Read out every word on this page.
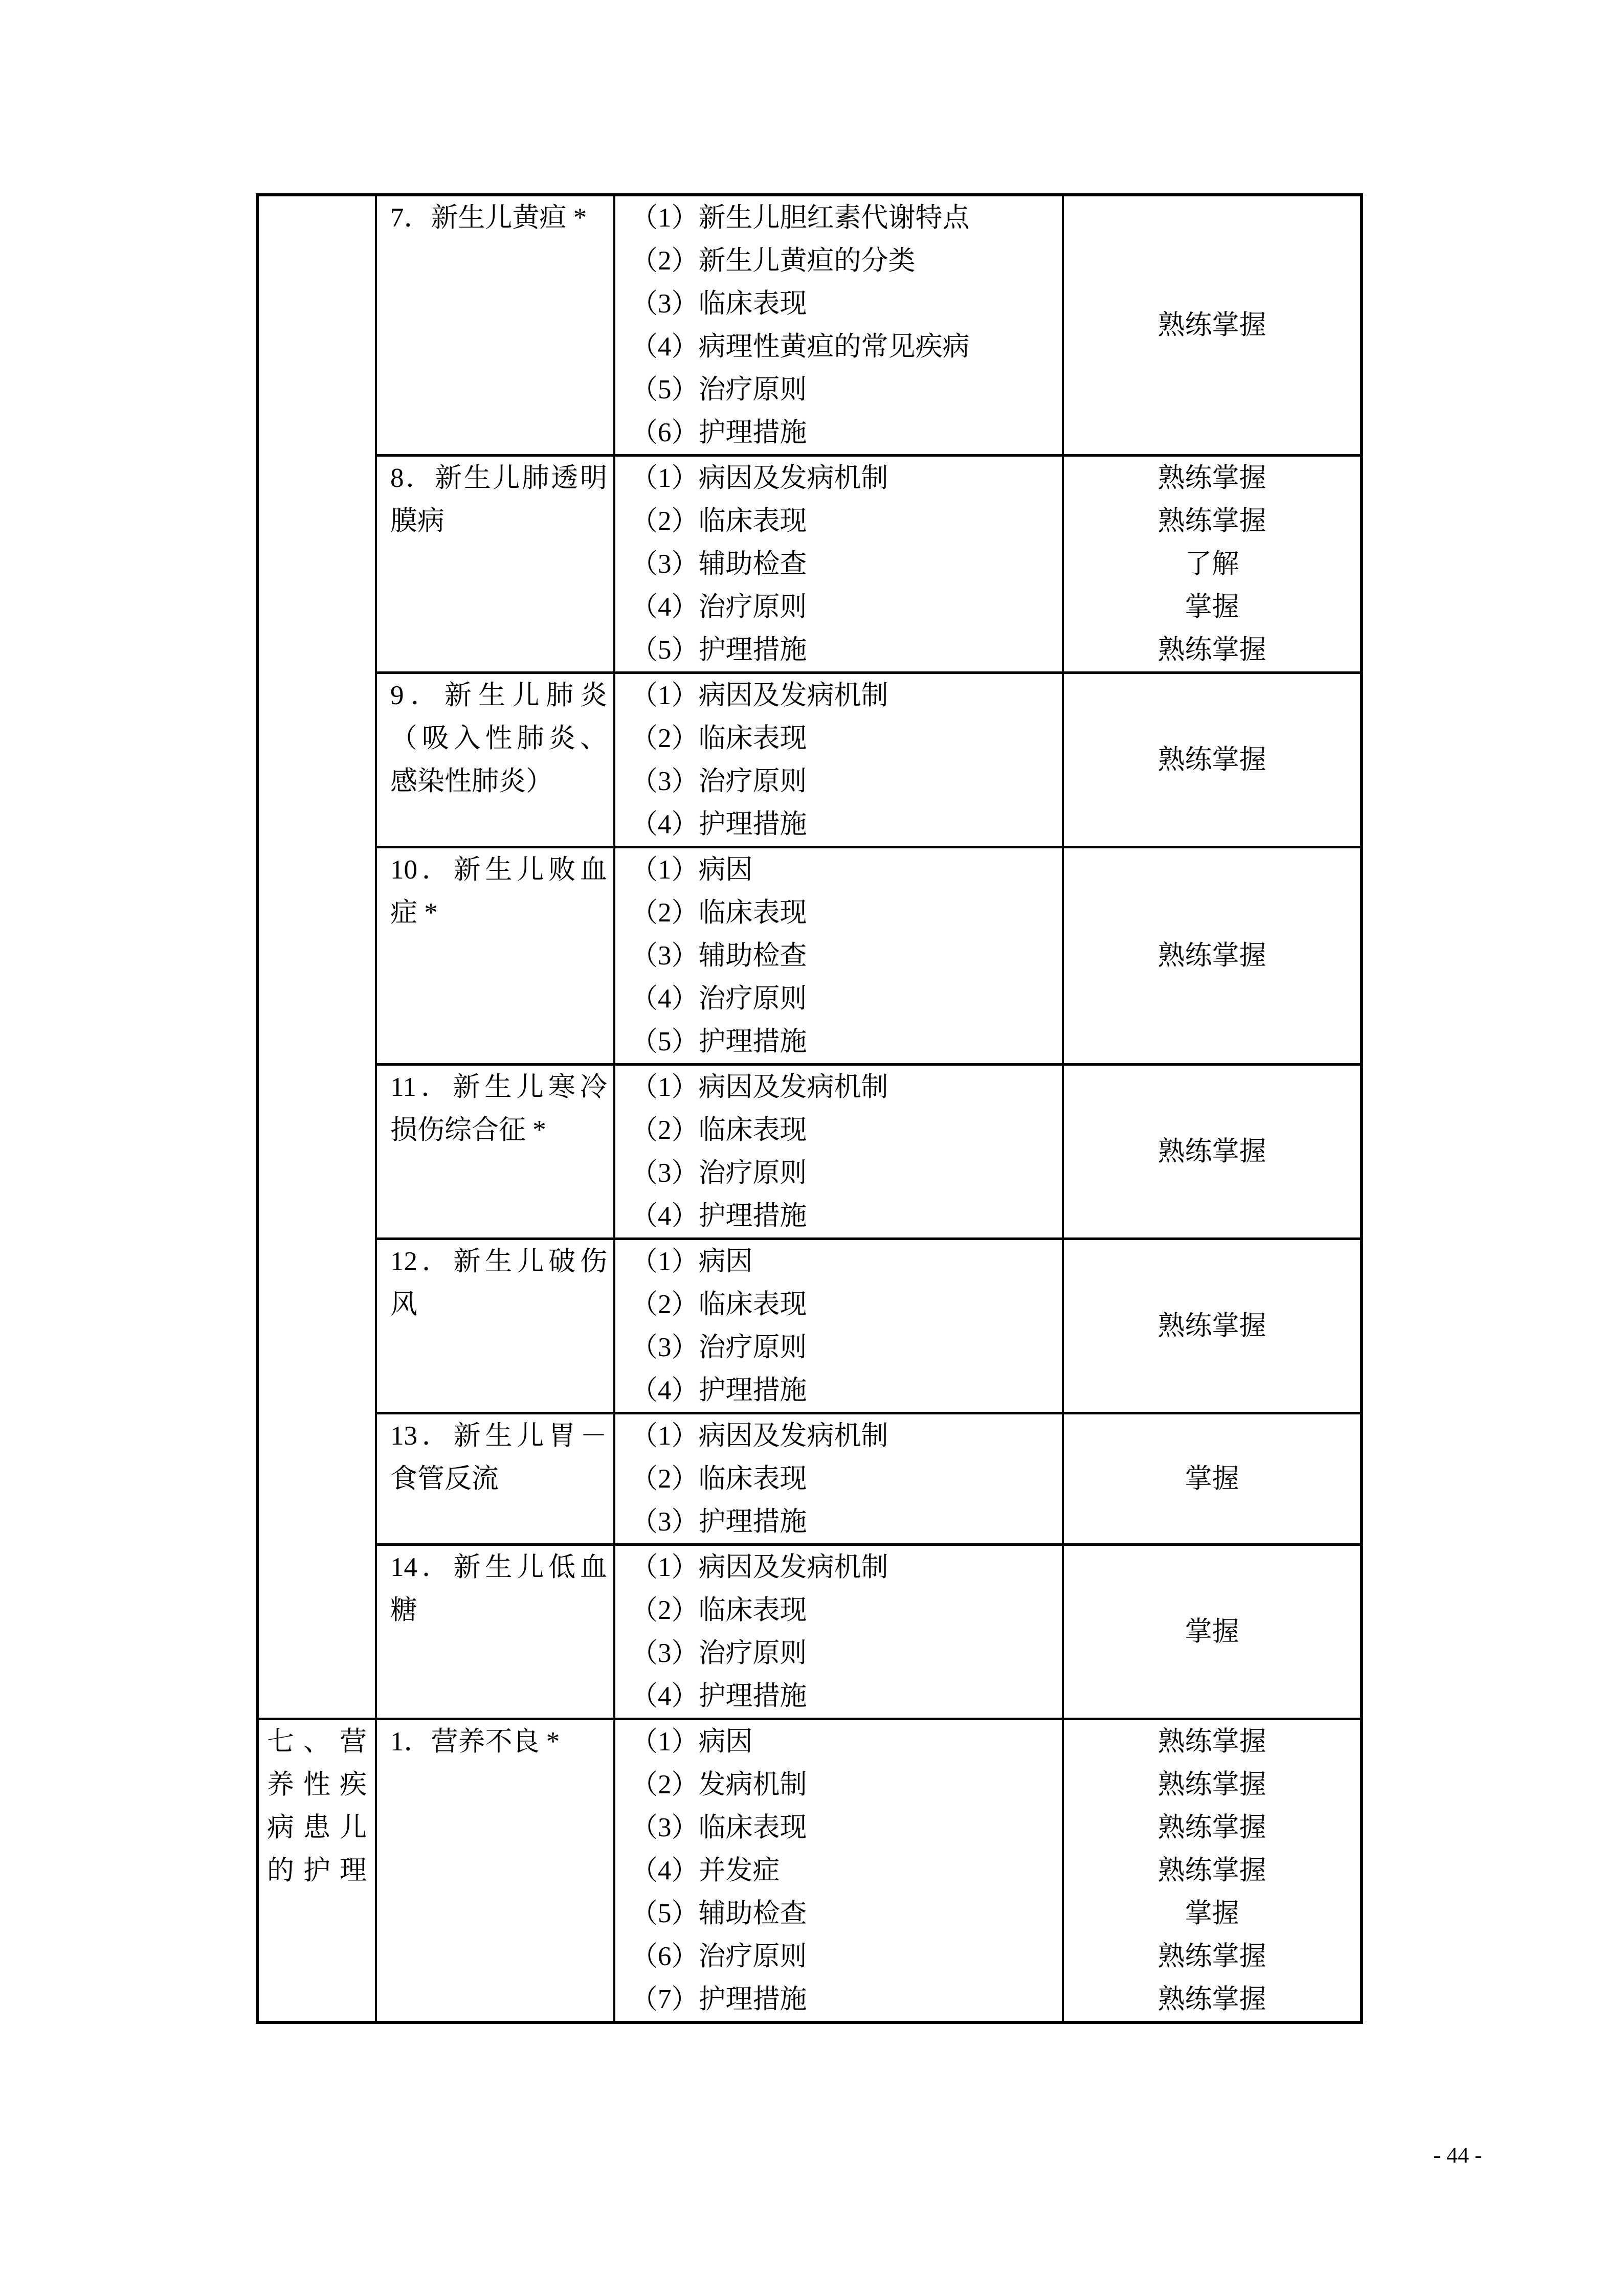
7．新生儿黄疸 *	（1）新生儿胆红素代谢特点
（2）新生儿黄疸的分类
（3）临床表现
（4）病理性黄疸的常见疾病
（5）治疗原则
（6）护理措施
熟练掌握
8．新生儿肺透明
膜病
（1）病因及发病机制
（2）临床表现
（3）辅助检查
（4）治疗原则
（5）护理措施
熟练掌握
熟练掌握
了解
掌握
熟练掌握
9．新生儿肺炎
（吸入性肺炎、
感染性肺炎）
（1）病因及发病机制
（2）临床表现
（3）治疗原则
（4）护理措施
熟练掌握
10．新生儿败血
症 *
（1）病因
（2）临床表现
（3）辅助检查
（4）治疗原则
（5）护理措施
熟练掌握
11．新生儿寒冷
损伤综合征 *
（1）病因及发病机制
（2）临床表现
（3）治疗原则
（4）护理措施
熟练掌握
12．新生儿破伤
风
（1）病因
（2）临床表现
（3）治疗原则
（4）护理措施
熟练掌握
13．新生儿胃－
食管反流
（1）病因及发病机制
（2）临床表现
（3）护理措施
掌握
14．新生儿低血
糖
（1）病因及发病机制
（2）临床表现
（3）治疗原则
（4）护理措施
掌握
七、营
养性疾
病患儿
的护理
1．营养不良 *	（1）病因
（2）发病机制
（3）临床表现
（4）并发症
（5）辅助检查
（6）治疗原则
（7）护理措施
熟练掌握
熟练掌握
熟练掌握
熟练掌握
掌握
熟练掌握
熟练掌握
- 44 -
